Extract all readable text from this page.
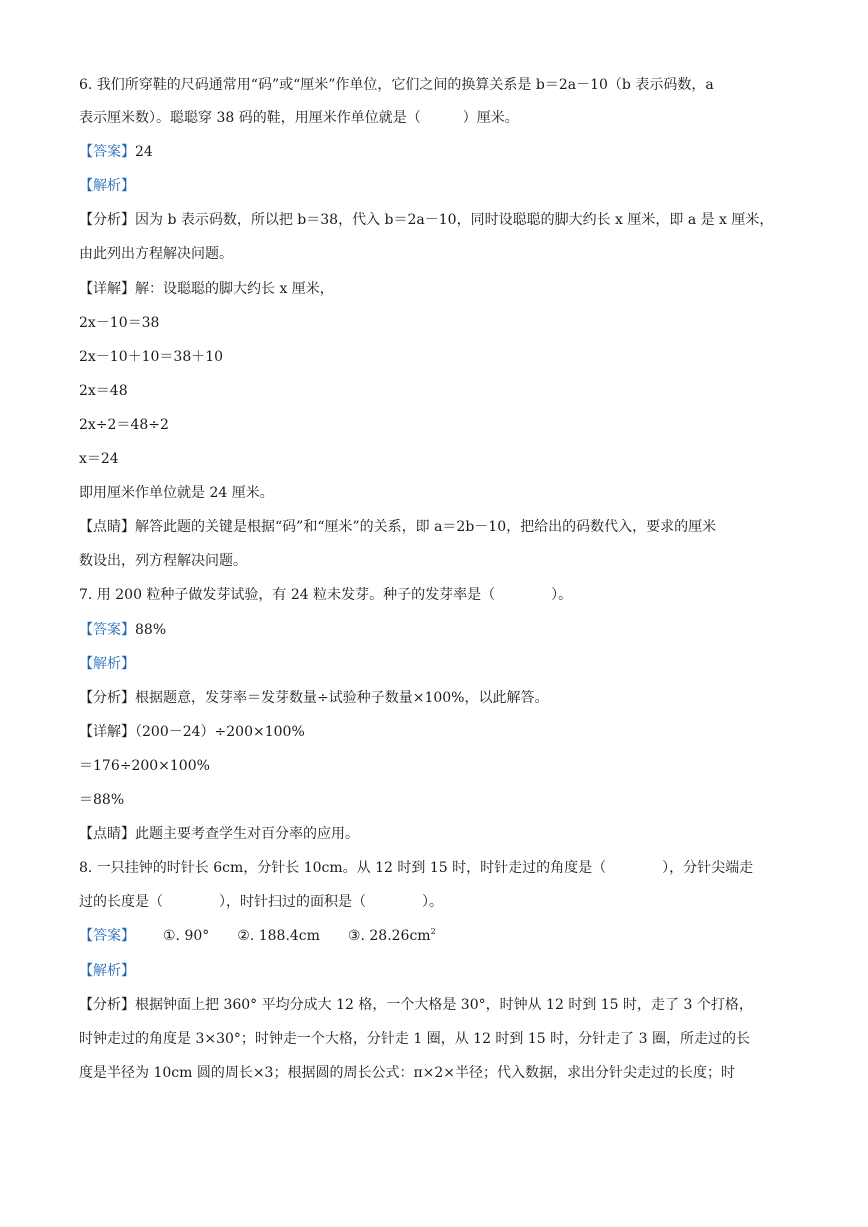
6. 我们所穿鞋的尺码通常用“码”或“厘米”作单位，它们之间的换算关系是 b＝2a－10（b 表示码数，a
表示厘米数）。聪聪穿 38 码的鞋，用厘米作单位就是（　　　）厘米。
【答案】24
【解析】
【分析】因为 b 表示码数，所以把 b＝38，代入 b＝2a－10，同时设聪聪的脚大约长 x 厘米，即 a 是 x 厘米，
由此列出方程解决问题。
【详解】解：设聪聪的脚大约长 x 厘米，
2x－10＝38
2x－10＋10＝38＋10
2x＝48
2x÷2＝48÷2
x＝24
即用厘米作单位就是 24 厘米。
【点睛】解答此题的关键是根据“码”和“厘米”的关系，即 a＝2b－10，把给出的码数代入，要求的厘米
数设出，列方程解决问题。
7. 用 200 粒种子做发芽试验，有 24 粒未发芽。种子的发芽率是（　　　　）。
【答案】88%
【解析】
【分析】根据题意，发芽率＝发芽数量÷试验种子数量×100%，以此解答。
【详解】（200－24）÷200×100%
＝176÷200×100%
＝88%
【点睛】此题主要考查学生对百分率的应用。
8. 一只挂钟的时针长 6cm，分针长 10cm。从 12 时到 15 时，时针走过的角度是（　　　　），分针尖端走
过的长度是（　　　　），时针扫过的面积是（　　　　）。
【答案】 ①. 90° ②. 188.4cm ③. $28.26cm^2$
【解析】
【分析】根据钟面上把 360° 平均分成大 12 格，一个大格是 30°，时钟从 12 时到 15 时，走了 3 个打格，
时钟走过的角度是 3×30°；时钟走一个大格，分针走 1 圈，从 12 时到 15 时，分针走了 3 圈，所走过的长
度是半径为 10cm 圆的周长×3；根据圆的周长公式：π×2×半径；代入数据，求出分针尖走过的长度；时
